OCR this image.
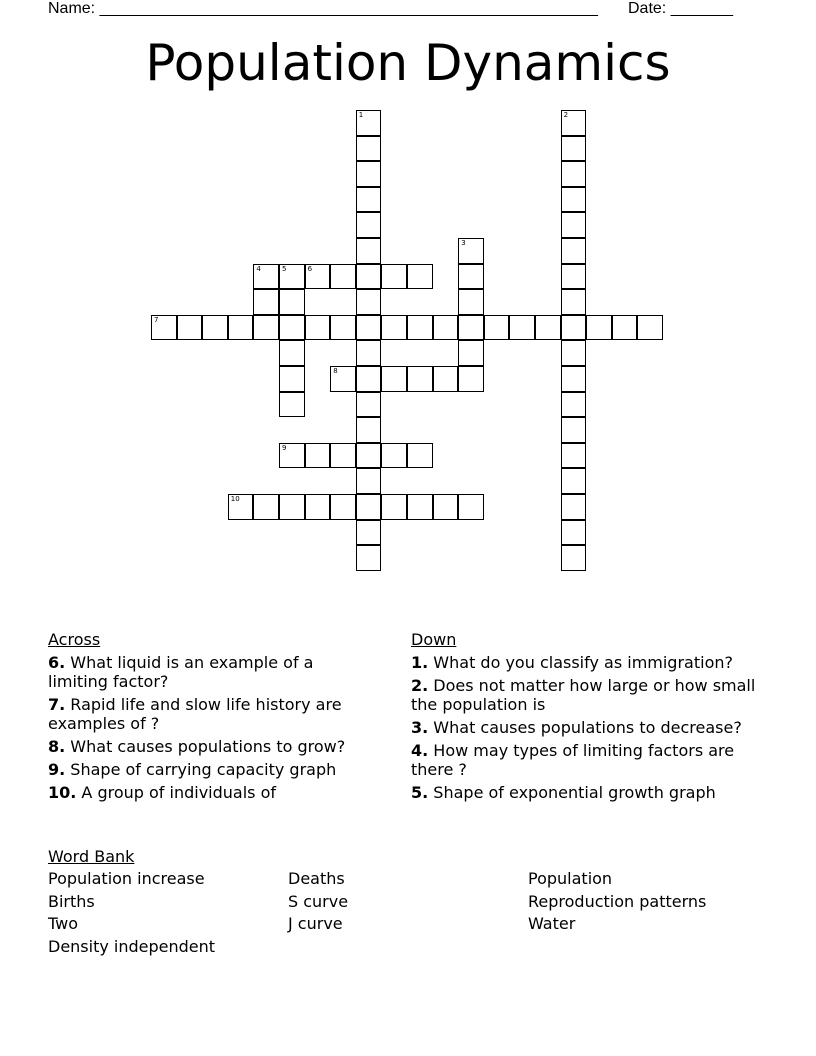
Name: ________________________________________________________ Date: _______
Population Dynamics
1	2
3
4	5	6
7
8
9
10
Across
6. What liquid is an example of a limiting factor?
7. Rapid life and slow life history are examples of ?
8. What causes populations to grow?
9. Shape of carrying capacity graph
10. A group of individuals of
Down
1. What do you classify as immigration?
2. Does not matter how large or how small the population is
3. What causes populations to decrease?
4. How may types of limiting factors are there ?
5. Shape of exponential growth graph
Word Bank
Population increase
Births
Two
Density independent
Deaths
S curve
J curve
Population
Reproduction patterns
Water
